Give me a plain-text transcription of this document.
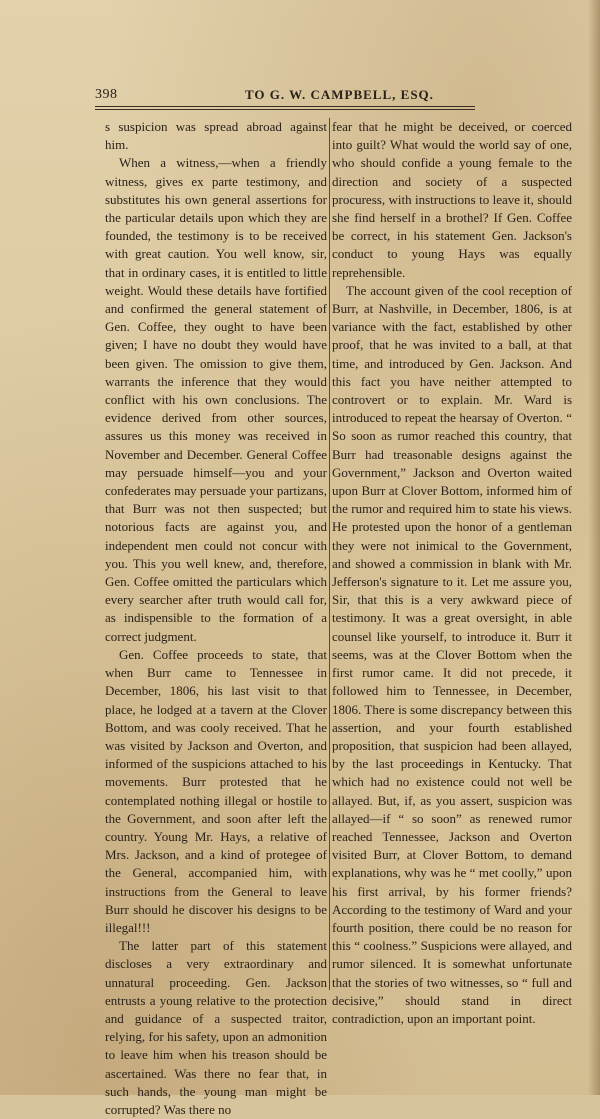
398	TO G. W. CAMPBELL, ESQ.

s suspicion was spread abroad against him.

When a witness,—when a friendly witness, gives ex parte testimony, and substitutes his own general assertions for the particular details upon which they are founded, the testimony is to be received with great caution. You well know, sir, that in ordinary cases, it is entitled to little weight. Would these details have fortified and confirmed the general statement of Gen. Coffee, they ought to have been given; I have no doubt they would have been given. The omission to give them, warrants the inference that they would conflict with his own conclusions. The evidence derived from other sources, assures us this money was received in November and December. General Coffee may persuade himself—you and your confederates may persuade your partizans, that Burr was not then suspected; but notorious facts are against you, and independent men could not concur with you. This you well knew, and, therefore, Gen. Coffee omitted the particulars which every searcher after truth would call for, as indispensible to the formation of a correct judgment.

Gen. Coffee proceeds to state, that when Burr came to Tennessee in December, 1806, his last visit to that place, he lodged at a tavern at the Clover Bottom, and was cooly received. That he was visited by Jackson and Overton, and informed of the suspicions attached to his movements. Burr protested that he contemplated nothing illegal or hostile to the Government, and soon after left the country. Young Mr. Hays, a relative of Mrs. Jackson, and a kind of protegee of the General, accompanied him, with instructions from the General to leave Burr should he discover his designs to be illegal!!!

The latter part of this statement discloses a very extraordinary and unnatural proceeding. Gen. Jackson entrusts a young relative to the protection and guidance of a suspected traitor, relying, for his safety, upon an admonition to leave him when his treason should be ascertained. Was there no fear that, in such hands, the young man might be corrupted? Was there no

fear that he might be deceived, or coerced into guilt? What would the world say of one, who should confide a young female to the direction and society of a suspected procuress, with instructions to leave it, should she find herself in a brothel? If Gen. Coffee be correct, in his statement Gen. Jackson's conduct to young Hays was equally reprehensible.

The account given of the cool reception of Burr, at Nashville, in December, 1806, is at variance with the fact, established by other proof, that he was invited to a ball, at that time, and introduced by Gen. Jackson. And this fact you have neither attempted to controvert or to explain. Mr. Ward is introduced to repeat the hearsay of Overton. “ So soon as rumor reached this country, that Burr had treasonable designs against the Government,” Jackson and Overton waited upon Burr at Clover Bottom, informed him of the rumor and required him to state his views. He protested upon the honor of a gentleman they were not inimical to the Government, and showed a commission in blank with Mr. Jefferson's signature to it. Let me assure you, Sir, that this is a very awkward piece of testimony. It was a great oversight, in able counsel like yourself, to introduce it. Burr it seems, was at the Clover Bottom when the first rumor came. It did not precede, it followed him to Tennessee, in December, 1806. There is some discrepancy between this assertion, and your fourth established proposition, that suspicion had been allayed, by the last proceedings in Kentucky. That which had no existence could not well be allayed. But, if, as you assert, suspicion was allayed—if “ so soon” as renewed rumor reached Tennessee, Jackson and Overton visited Burr, at Clover Bottom, to demand explanations, why was he “ met coolly,” upon his first arrival, by his former friends? According to the testimony of Ward and your fourth position, there could be no reason for this “ coolness.” Suspicions were allayed, and rumor silenced. It is somewhat unfortunate that the stories of two witnesses, so “ full and decisive,” should stand in direct contradiction, upon an important point.
